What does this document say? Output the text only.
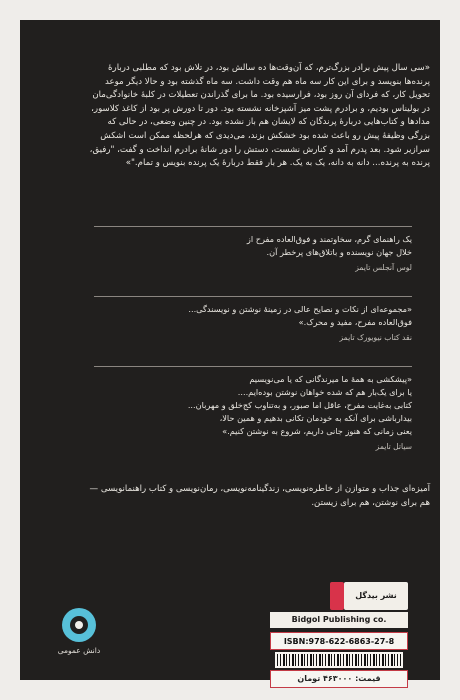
«سی سال پیش برادر بزرگ‌ترم، که آن‌وقت‌ها ده سالش بود، در تلاش بود که مطلبی دربارهٔ

پرنده‌ها بنویسد و برای این کار سه ماه هم وقت داشت. سه ماه گذشته بود و حالا دیگر موعد

تحویل کار، که فردای آن روز بود، فرارسیده بود. ما برای گذراندن تعطیلات در کلبهٔ خانوادگی‌مان

در بولیناس بودیم، و برادرم پشت میز آشپزخانه نشسته بود. دور تا دورش پر بود از کاغذ کلاسور،

مدادها و کتاب‌هایی دربارهٔ پرندگان که لایشان هم باز نشده بود. در چنین وضعی، در حالی که

بزرگی وظیفهٔ پیش رو باعث شده بود خشکش بزند، می‌دیدی که هرلحظه ممکن است اشکش

سرازیر شود. بعد پدرم آمد و کنارش نشست، دستش را دور شانهٔ برادرم انداخت و گفت، "رفیق،

پرنده به پرنده... دانه به دانه، یک به یک. هر بار فقط دربارهٔ یک پرنده بنویس و تمام."»

یک راهنمای گرم، سخاوتمند و فوق‌العاده مفرح از

خلال جهان نویسنده و باتلاق‌های پرخطر آن.

لوس آنجلس تایمز

«مجموعه‌ای از نکات و نصایح عالی در زمینهٔ نوشتن و نویسندگی...

فوق‌العاده مفرح، مفید و محرک.»

نقد کتاب نیویورک تایمز

«پیشکشی به همهٔ ما میرندگانی که یا می‌نویسیم

یا برای یک‌بار هم که شده خواهان نوشتن بوده‌ایم....

کتابی به‌غایت مفرح، عاقل اما صبور، و به‌تناوب کج‌خلق و مهربان...

بیدارباشی برای آنکه به خودمان تکانی بدهیم و همین حالا،

یعنی زمانی که هنوز جانی داریم، شروع به نوشتن کنیم.»

سیاتل تایمز

آمیزه‌ای جذاب و متوازن از خاطره‌نویسی، زندگینامه‌نویسی، رمان‌نویسی و کتاب راهنمانویسی —

هم برای نوشتن، هم برای زیستن.

دانش عمومی
نشر بیدگل
Bidgol Publishing co.
ISBN:978-622-6863-27-8
قیمت: ۴۶۳۰۰۰ تومان
